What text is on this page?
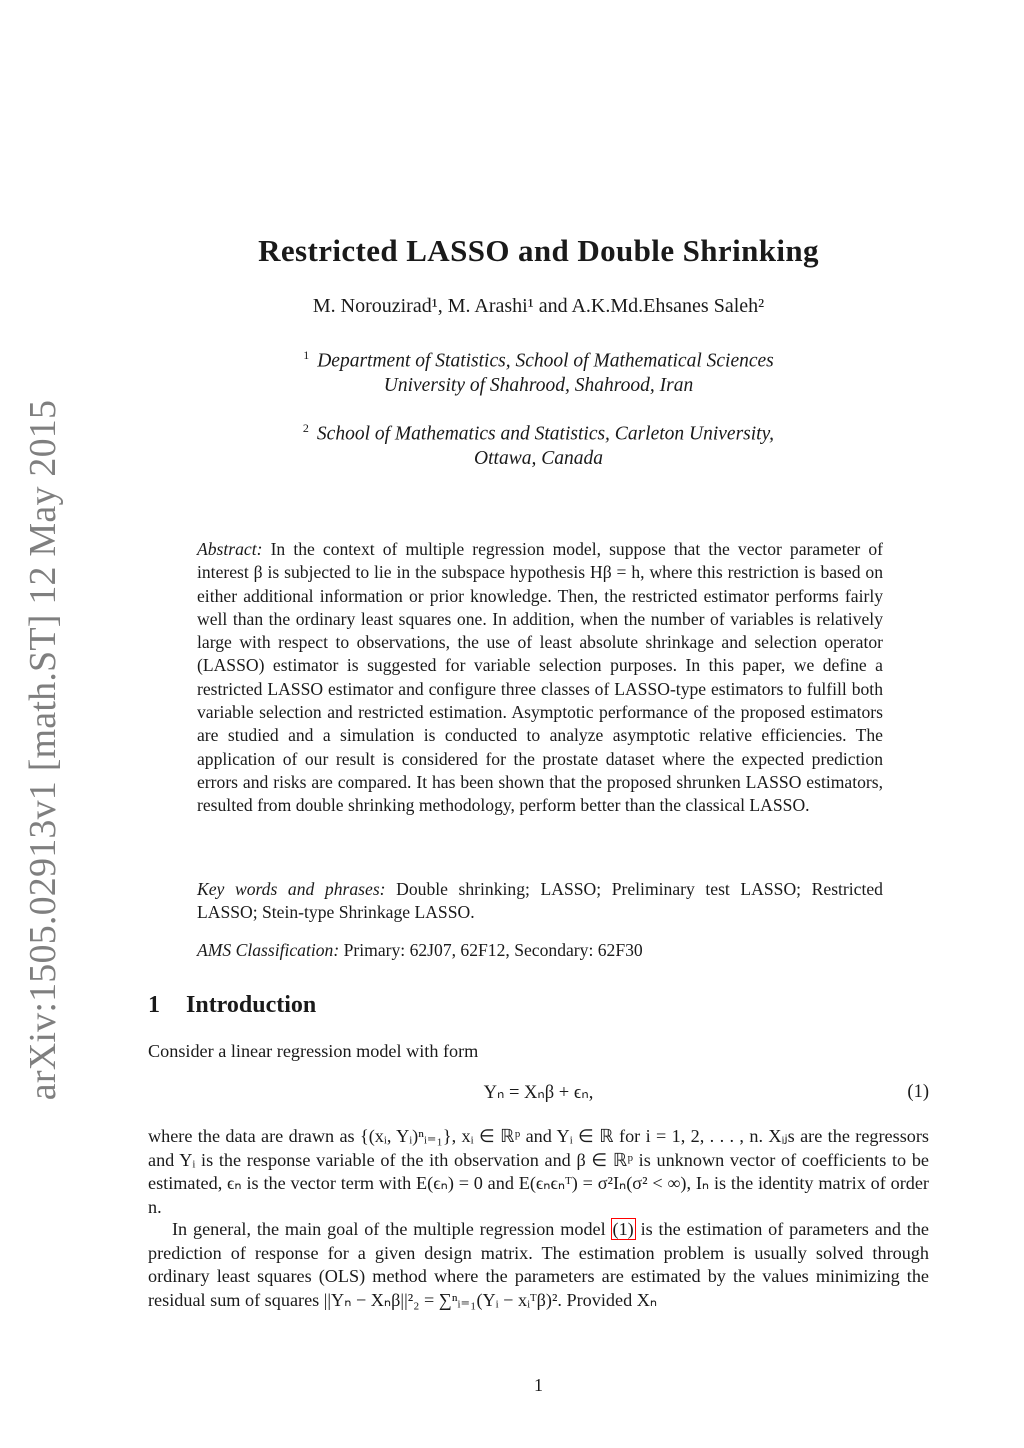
arXiv:1505.02913v1 [math.ST] 12 May 2015
Restricted LASSO and Double Shrinking
M. Norouzirad¹, M. Arashi¹ and A.K.Md.Ehsanes Saleh²
$^1$ Department of Statistics, School of Mathematical Sciences
University of Shahrood, Shahrood, Iran
$^2$ School of Mathematics and Statistics, Carleton University,
Ottawa, Canada
Abstract: In the context of multiple regression model, suppose that the vector parameter of interest β is subjected to lie in the subspace hypothesis Hβ = h, where this restriction is based on either additional information or prior knowledge. Then, the restricted estimator performs fairly well than the ordinary least squares one. In addition, when the number of variables is relatively large with respect to observations, the use of least absolute shrinkage and selection operator (LASSO) estimator is suggested for variable selection purposes. In this paper, we define a restricted LASSO estimator and configure three classes of LASSO-type estimators to fulfill both variable selection and restricted estimation. Asymptotic performance of the proposed estimators are studied and a simulation is conducted to analyze asymptotic relative efficiencies. The application of our result is considered for the prostate dataset where the expected prediction errors and risks are compared. It has been shown that the proposed shrunken LASSO estimators, resulted from double shrinking methodology, perform better than the classical LASSO.
Key words and phrases: Double shrinking; LASSO; Preliminary test LASSO; Restricted LASSO; Stein-type Shrinkage LASSO.
AMS Classification: Primary: 62J07, 62F12, Secondary: 62F30
1 Introduction
Consider a linear regression model with form
Yₙ = Xₙβ + ϵₙ,	(1)
where the data are drawn as {(xᵢ, Yᵢ)ⁿᵢ₌₁}, xᵢ ∈ ℝᵖ and Yᵢ ∈ ℝ for i = 1, 2, . . . , n. Xᵢⱼs are the regressors and Yᵢ is the response variable of the ith observation and β ∈ ℝᵖ is unknown vector of coefficients to be estimated, ϵₙ is the vector term with E(ϵₙ) = 0 and E(ϵₙϵₙᵀ) = σ²Iₙ(σ² < ∞), Iₙ is the identity matrix of order n.
In general, the main goal of the multiple regression model (1) is the estimation of parameters and the prediction of response for a given design matrix. The estimation problem is usually solved through ordinary least squares (OLS) method where the parameters are estimated by the values minimizing the residual sum of squares ||Yₙ − Xₙβ||²₂ = ∑ⁿᵢ₌₁(Yᵢ − xᵢᵀβ)². Provided Xₙ
1
